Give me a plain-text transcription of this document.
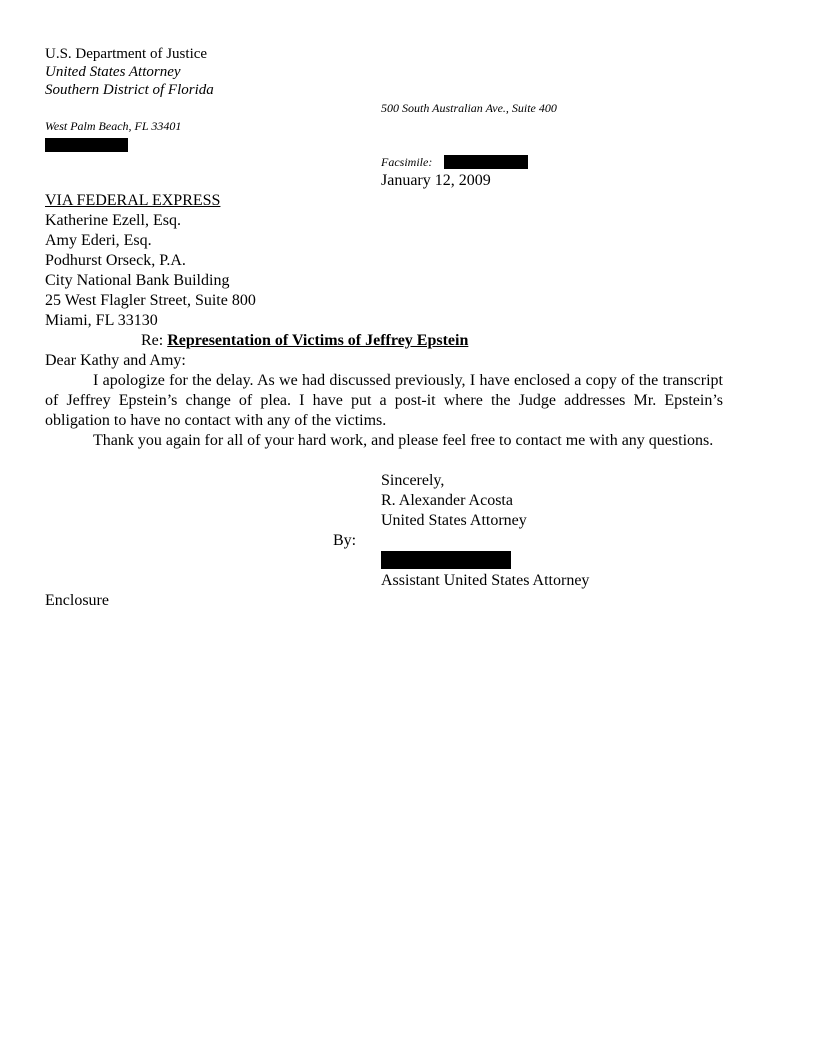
U.S. Department of Justice
United States Attorney
Southern District of Florida
500 South Australian Ave., Suite 400
West Palm Beach, FL 33401
Facsimile:
January 12, 2009
VIA FEDERAL EXPRESS
Katherine Ezell, Esq.
Amy Ederi, Esq.
Podhurst Orseck, P.A.
City National Bank Building
25 West Flagler Street, Suite 800
Miami, FL 33130
Re: Representation of Victims of Jeffrey Epstein
Dear Kathy and Amy:
I apologize for the delay. As we had discussed previously, I have enclosed a copy of the transcript of Jeffrey Epstein’s change of plea. I have put a post-it where the Judge addresses Mr. Epstein’s obligation to have no contact with any of the victims.
Thank you again for all of your hard work, and please feel free to contact me with any questions.
Sincerely,
R. Alexander Acosta
United States Attorney
By:
Assistant United States Attorney
Enclosure
